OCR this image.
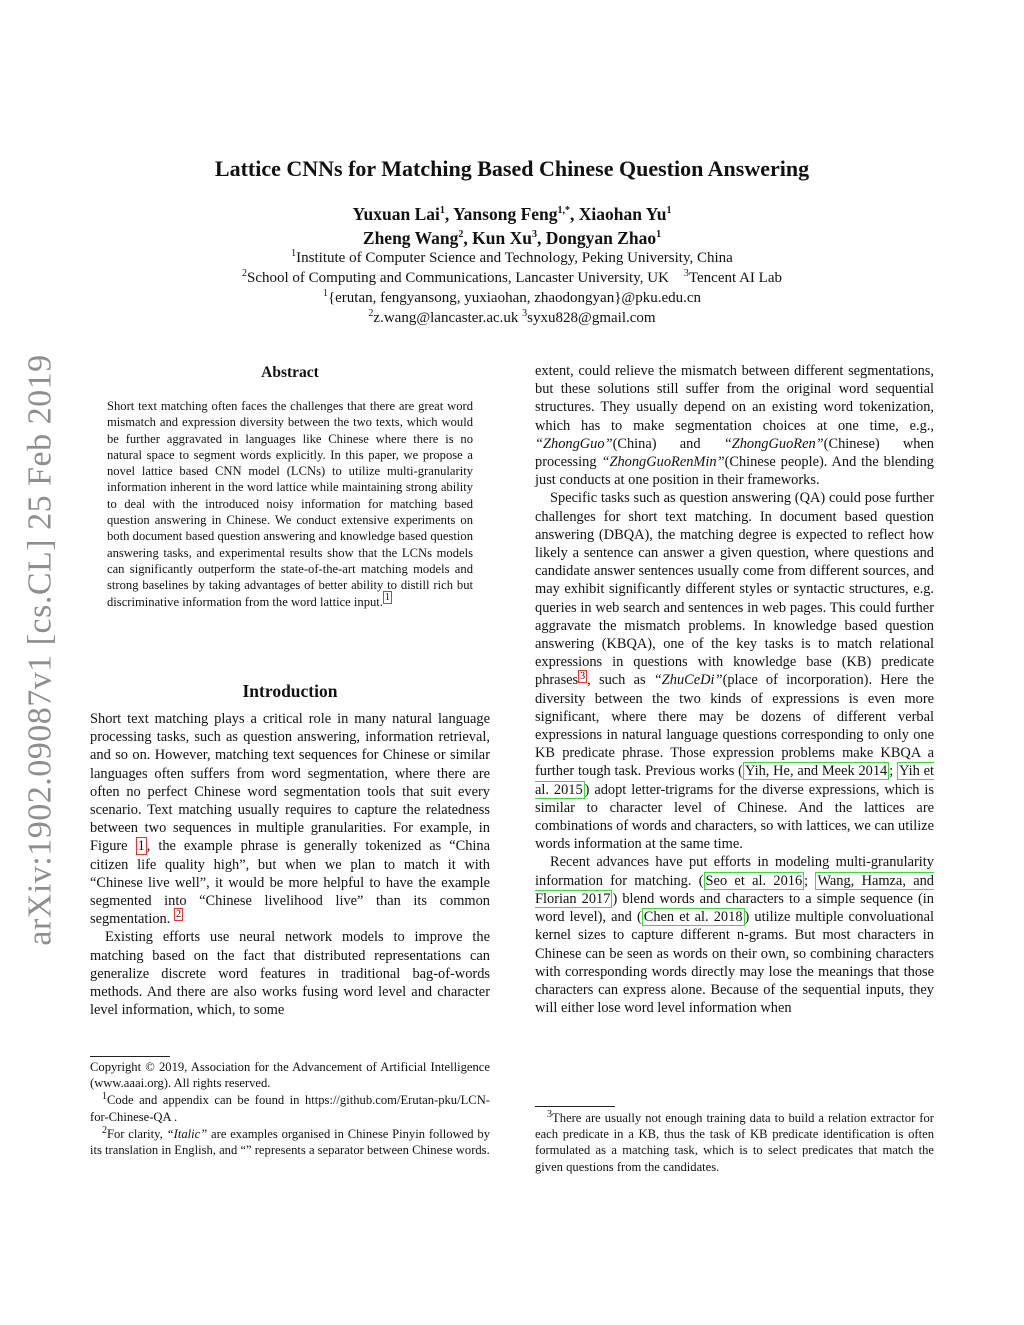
arXiv:1902.09087v1 [cs.CL] 25 Feb 2019
Lattice CNNs for Matching Based Chinese Question Answering
Yuxuan Lai$^1$, Yansong Feng$^{1,*}$, Xiaohan Yu$^1$
Zheng Wang$^2$, Kun Xu$^3$, Dongyan Zhao$^1$
$^1$Institute of Computer Science and Technology, Peking University, China
$^2$School of Computing and Communications, Lancaster University, UK $^3$Tencent AI Lab
$^1${erutan, fengyansong, yuxiaohan, zhaodongyan}@pku.edu.cn
$^2$z.wang@lancaster.ac.uk $^3$syxu828@gmail.com
Abstract

Short text matching often faces the challenges that there are great word mismatch and expression diversity between the two texts, which would be further aggravated in languages like Chinese where there is no natural space to segment words explicitly. In this paper, we propose a novel lattice based CNN model (LCNs) to utilize multi-granularity information inherent in the word lattice while maintaining strong ability to deal with the introduced noisy information for matching based question answering in Chinese. We conduct extensive experiments on both document based question answering and knowledge based question answering tasks, and experimental results show that the LCNs models can significantly outperform the state-of-the-art matching models and strong baselines by taking advantages of better ability to distill rich but discriminative information from the word lattice input. $^1$

Introduction

Short text matching plays a critical role in many natural language processing tasks, such as question answering, information retrieval, and so on. However, matching text sequences for Chinese or similar languages often suffers from word segmentation, where there are often no perfect Chinese word segmentation tools that suit every scenario. Text matching usually requires to capture the relatedness between two sequences in multiple granularities. For example, in Figure 1 , the example phrase is generally tokenized as “China citizen life quality high”, but when we plan to match it with “Chinese live well”, it would be more helpful to have the example segmented into “Chinese livelihood live” than its common segmentation. $^2$

Existing efforts use neural network models to improve the matching based on the fact that distributed representations can generalize discrete word features in traditional bag-of-words methods. And there are also works fusing word level and character level information, which, to some

Copyright © 2019, Association for the Advancement of Artificial Intelligence (www.aaai.org). All rights reserved.

$^1$Code and appendix can be found in https://github.com/Erutan-pku/LCN-for-Chinese-QA .

$^2$For clarity, “Italic” are examples organised in Chinese Pinyin followed by its translation in English, and “” represents a separator between Chinese words.

extent, could relieve the mismatch between different segmentations, but these solutions still suffer from the original word sequential structures. They usually depend on an existing word tokenization, which has to make segmentation choices at one time, e.g., “ZhongGuo”(China) and “ZhongGuoRen”(Chinese) when processing “ZhongGuoRenMin”(Chinese people). And the blending just conducts at one position in their frameworks.

Specific tasks such as question answering (QA) could pose further challenges for short text matching. In document based question answering (DBQA), the matching degree is expected to reflect how likely a sentence can answer a given question, where questions and candidate answer sentences usually come from different sources, and may exhibit significantly different styles or syntactic structures, e.g. queries in web search and sentences in web pages. This could further aggravate the mismatch problems. In knowledge based question answering (KBQA), one of the key tasks is to match relational expressions in questions with knowledge base (KB) predicate phrases $^3$ , such as “ZhuCeDi”(place of incorporation). Here the diversity between the two kinds of expressions is even more significant, where there may be dozens of different verbal expressions in natural language questions corresponding to only one KB predicate phrase. Those expression problems make KBQA a further tough task. Previous works ( Yih, He, and Meek 2014 ; Yih et al. 2015 ) adopt letter-trigrams for the diverse expressions, which is similar to character level of Chinese. And the lattices are combinations of words and characters, so with lattices, we can utilize words information at the same time.

Recent advances have put efforts in modeling multi-granularity information for matching. ( Seo et al. 2016 ; Wang, Hamza, and Florian 2017 ) blend words and characters to a simple sequence (in word level), and ( Chen et al. 2018 ) utilize multiple convoluational kernel sizes to capture different n-grams. But most characters in Chinese can be seen as words on their own, so combining characters with corresponding words directly may lose the meanings that those characters can express alone. Because of the sequential inputs, they will either lose word level information when

$^3$There are usually not enough training data to build a relation extractor for each predicate in a KB, thus the task of KB predicate identification is often formulated as a matching task, which is to select predicates that match the given questions from the candidates.
